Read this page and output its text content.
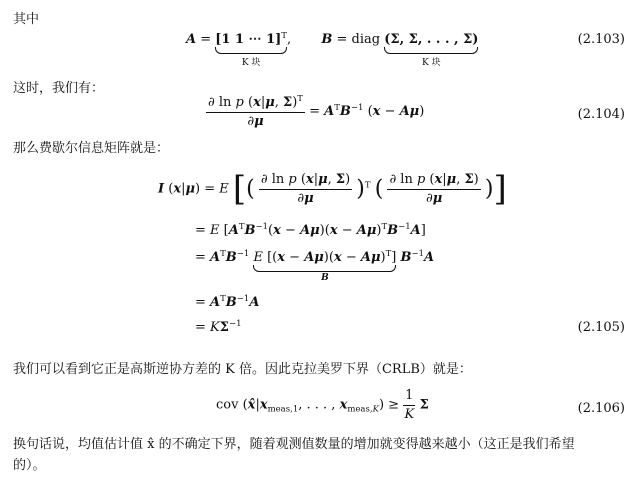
其中
A = [1 1 ⋯ 1]$^T$
K 块
,  B = diag (Σ, Σ, . . . , Σ)
K 块
(2.103)
这时，我们有：
$\frac{\partial \ln p (x|\mu, \Sigma)^T}{\partial\mu} = A^TB^{-1}$ (x − Aμ)	(2.104)
那么费歇尔信息矩阵就是：
I (x|μ) = E [( $\frac{\text{∂ ln p (x|μ, Σ)}}{\partial\mu} )^T$ ( $\frac{\text{∂ ln p (x|μ, Σ)}}{\partial\mu}$ )]
= E $[A^TB^{-1}(x - A\mu)(x - A\mu)^TB^{-1}A]$
= $A^TB^{-1}$ E $[(x - A\mu)(x - A\mu)^T]$
B
$B^{-1}A$
= $A^TB^{-1}A$
= $K\Sigma^{-1}$	(2.105)
我们可以看到它正是高斯逆协方差的 K 倍。因此克拉美罗下界（CRLB）就是：
cov ($x̂|x_{meas,1}$, . . . , $x_{meas,K}) \ge \frac{1}{K}$ Σ	(2.106)
换句话说，均值估计值 x̂ 的不确定下界，随着观测值数量的增加就变得越来越小（这正是我们希望
的）。
